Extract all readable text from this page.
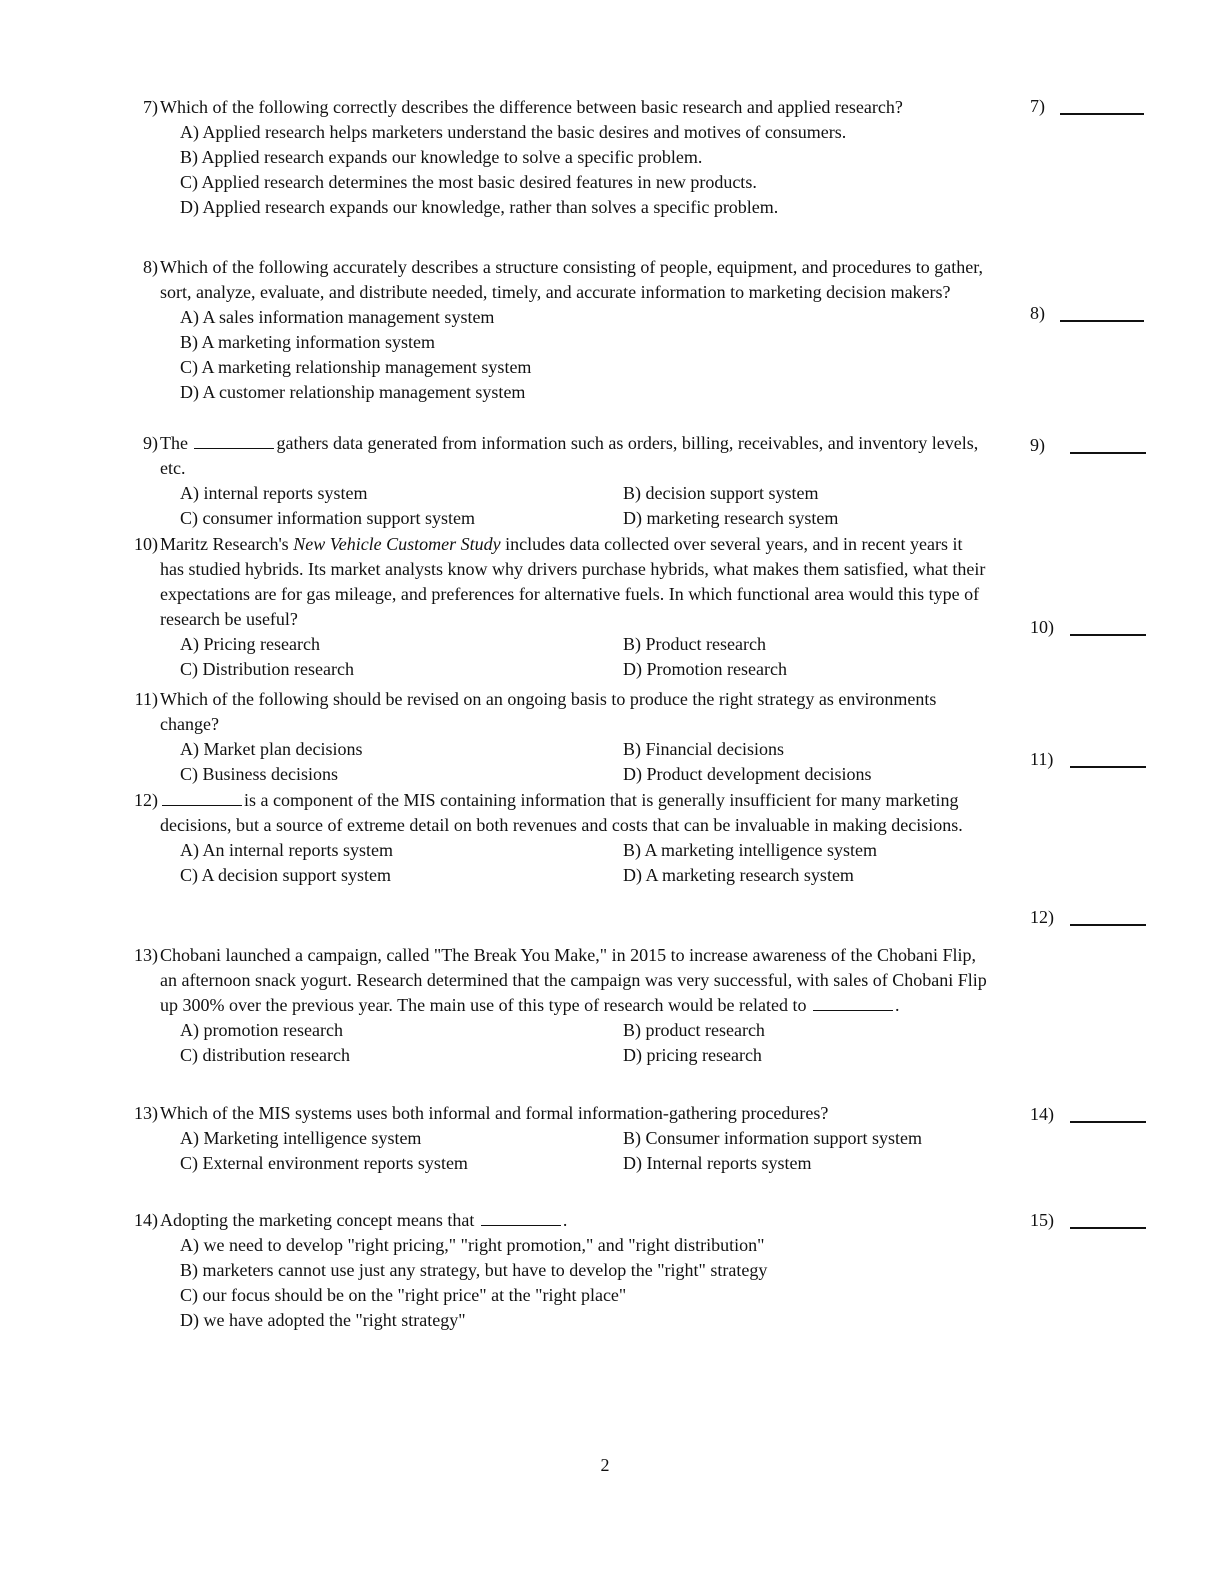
7) Which of the following correctly describes the difference between basic research and applied research?
A) Applied research helps marketers understand the basic desires and motives of consumers.
B) Applied research expands our knowledge to solve a specific problem.
C) Applied research determines the most basic desired features in new products.
D) Applied research expands our knowledge, rather than solves a specific problem.
8) Which of the following accurately describes a structure consisting of people, equipment, and procedures to gather, sort, analyze, evaluate, and distribute needed, timely, and accurate information to marketing decision makers?
A) A sales information management system
B) A marketing information system
C) A marketing relationship management system
D) A customer relationship management system
9) The	gathers data generated from information such as orders, billing, receivables, and inventory levels, etc.
A) internal reports system	B) decision support system
C) consumer information support system	D) marketing research system
10) Maritz Research's New Vehicle Customer Study includes data collected over several years, and in recent years it has studied hybrids. Its market analysts know why drivers purchase hybrids, what makes them satisfied, what their expectations are for gas mileage, and preferences for alternative fuels. In which functional area would this type of research be useful?
A) Pricing research	B) Product research
C) Distribution research	D) Promotion research
11) Which of the following should be revised on an ongoing basis to produce the right strategy as environments change?
A) Market plan decisions	B) Financial decisions
C) Business decisions	D) Product development decisions
12)	is a component of the MIS containing information that is generally insufficient for many marketing decisions, but a source of extreme detail on both revenues and costs that can be invaluable in making decisions.
A) An internal reports system	B) A marketing intelligence system
C) A decision support system	D) A marketing research system
13) Chobani launched a campaign, called "The Break You Make," in 2015 to increase awareness of the Chobani Flip, an afternoon snack yogurt. Research determined that the campaign was very successful, with sales of Chobani Flip up 300% over the previous year. The main use of this type of research would be related to	.
A) promotion research	B) product research
C) distribution research	D) pricing research
13) Which of the MIS systems uses both informal and formal information-gathering procedures?
A) Marketing intelligence system	B) Consumer information support system
C) External environment reports system	D) Internal reports system
14) Adopting the marketing concept means that	.
A) we need to develop "right pricing," "right promotion," and "right distribution"
B) marketers cannot use just any strategy, but have to develop the "right" strategy
C) our focus should be on the "right price" at the "right place"
D) we have adopted the "right strategy"
7)
8)
9)
10)
11)
12)
14)
15)
2
